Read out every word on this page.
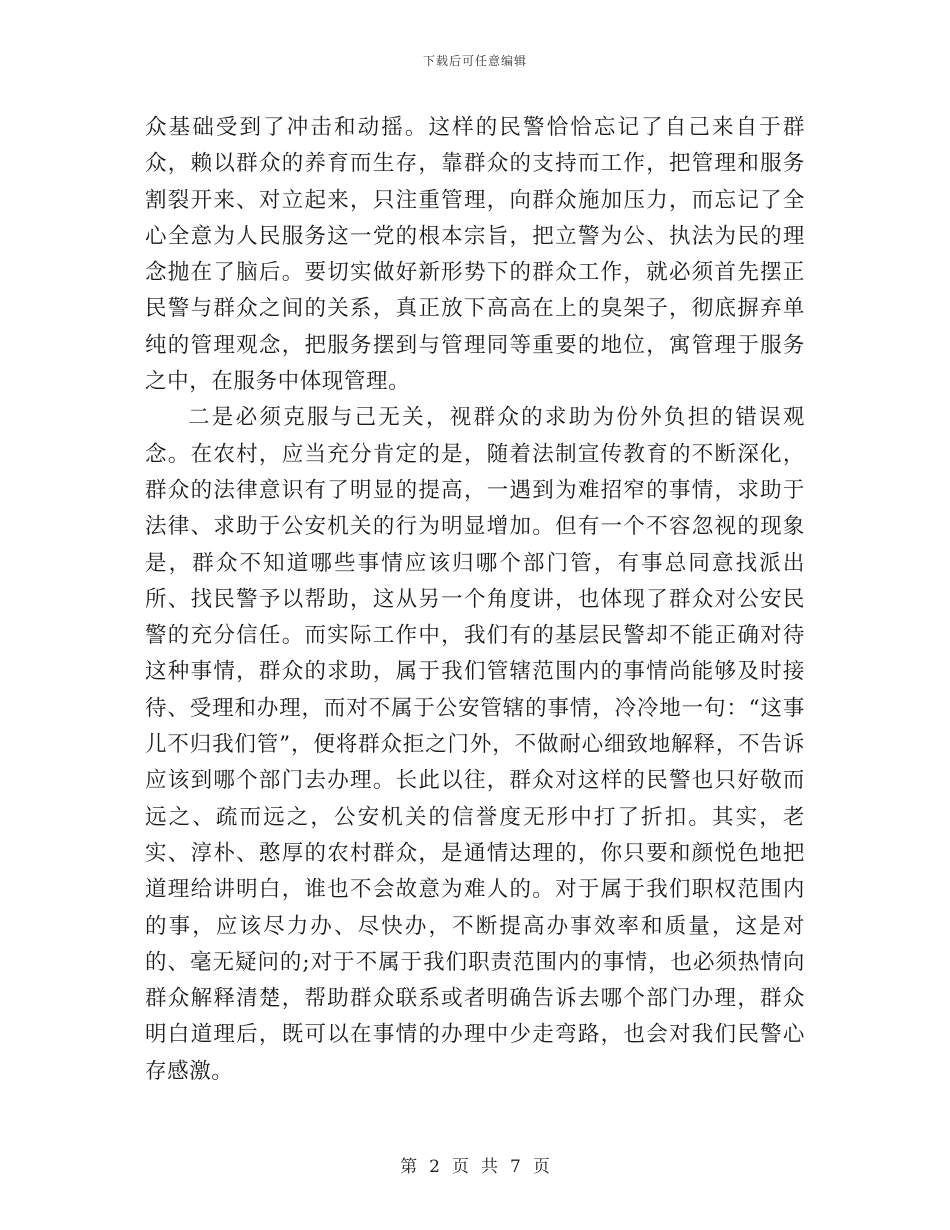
下载后可任意编辑

众基础受到了冲击和动摇。这样的民警恰恰忘记了自己来自于群众，赖以群众的养育而生存，靠群众的支持而工作，把管理和服务割裂开来、对立起来，只注重管理，向群众施加压力，而忘记了全心全意为人民服务这一党的根本宗旨，把立警为公、执法为民的理念抛在了脑后。要切实做好新形势下的群众工作，就必须首先摆正民警与群众之间的关系，真正放下高高在上的臭架子，彻底摒弃单纯的管理观念，把服务摆到与管理同等重要的地位，寓管理于服务之中，在服务中体现管理。

二是必须克服与己无关，视群众的求助为份外负担的错误观念。在农村，应当充分肯定的是，随着法制宣传教育的不断深化，群众的法律意识有了明显的提高，一遇到为难招窄的事情，求助于法律、求助于公安机关的行为明显增加。但有一个不容忽视的现象是，群众不知道哪些事情应该归哪个部门管，有事总同意找派出所、找民警予以帮助，这从另一个角度讲，也体现了群众对公安民警的充分信任。而实际工作中，我们有的基层民警却不能正确对待这种事情，群众的求助，属于我们管辖范围内的事情尚能够及时接待、受理和办理，而对不属于公安管辖的事情，冷冷地一句：“这事儿不归我们管”，便将群众拒之门外，不做耐心细致地解释，不告诉应该到哪个部门去办理。长此以往，群众对这样的民警也只好敬而远之、疏而远之，公安机关的信誉度无形中打了折扣。其实，老实、淳朴、憨厚的农村群众，是通情达理的，你只要和颜悦色地把道理给讲明白，谁也不会故意为难人的。对于属于我们职权范围内的事，应该尽力办、尽快办，不断提高办事效率和质量，这是对的、毫无疑问的;对于不属于我们职责范围内的事情，也必须热情向群众解释清楚，帮助群众联系或者明确告诉去哪个部门办理，群众明白道理后，既可以在事情的办理中少走弯路，也会对我们民警心存感激。

第 2 页 共 7 页
